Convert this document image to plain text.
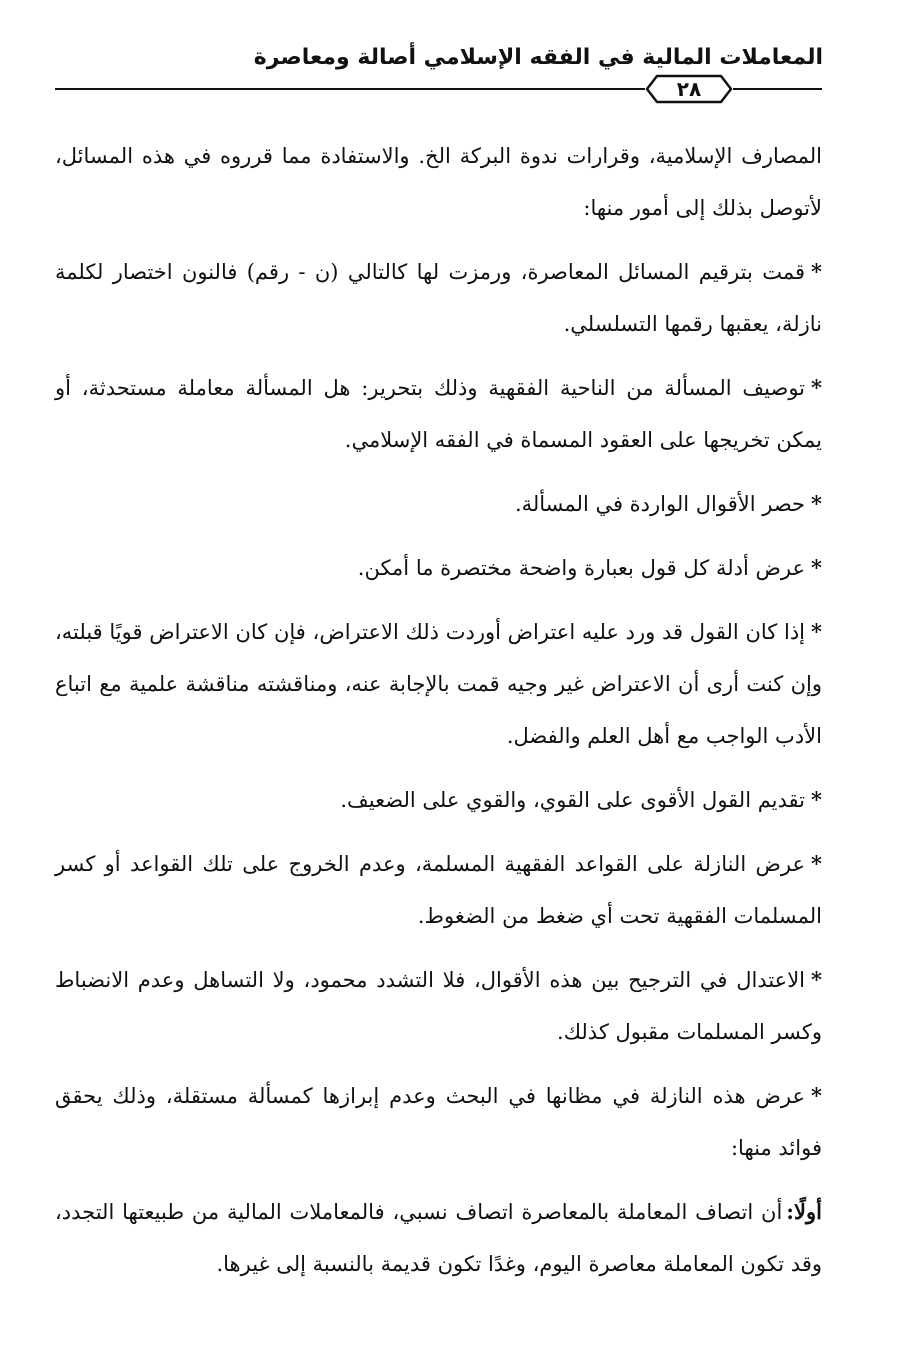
المعاملات المالية في الفقه الإسلامي أصالة ومعاصرة
٢٨

المصارف الإسلامية، وقرارات ندوة البركة الخ. والاستفادة مما قرروه في هذه المسائل، لأتوصل بذلك إلى أمور منها:

*قمت بترقيم المسائل المعاصرة، ورمزت لها كالتالي (ن - رقم) فالنون اختصار لكلمة نازلة، يعقبها رقمها التسلسلي.

*توصيف المسألة من الناحية الفقهية وذلك بتحرير: هل المسألة معاملة مستحدثة، أو يمكن تخريجها على العقود المسماة في الفقه الإسلامي.

*حصر الأقوال الواردة في المسألة.

*عرض أدلة كل قول بعبارة واضحة مختصرة ما أمكن.

*إذا كان القول قد ورد عليه اعتراض أوردت ذلك الاعتراض، فإن كان الاعتراض قويًا قبلته، وإن كنت أرى أن الاعتراض غير وجيه قمت بالإجابة عنه، ومناقشته مناقشة علمية مع اتباع الأدب الواجب مع أهل العلم والفضل.

*تقديم القول الأقوى على القوي، والقوي على الضعيف.

*عرض النازلة على القواعد الفقهية المسلمة، وعدم الخروج على تلك القواعد أو كسر المسلمات الفقهية تحت أي ضغط من الضغوط.

*الاعتدال في الترجيح بين هذه الأقوال، فلا التشدد محمود، ولا التساهل وعدم الانضباط وكسر المسلمات مقبول كذلك.

*عرض هذه النازلة في مظانها في البحث وعدم إبرازها كمسألة مستقلة، وذلك يحقق فوائد منها:

أولًا:أن اتصاف المعاملة بالمعاصرة اتصاف نسبي، فالمعاملات المالية من طبيعتها التجدد، وقد تكون المعاملة معاصرة اليوم، وغدًا تكون قديمة بالنسبة إلى غيرها.
